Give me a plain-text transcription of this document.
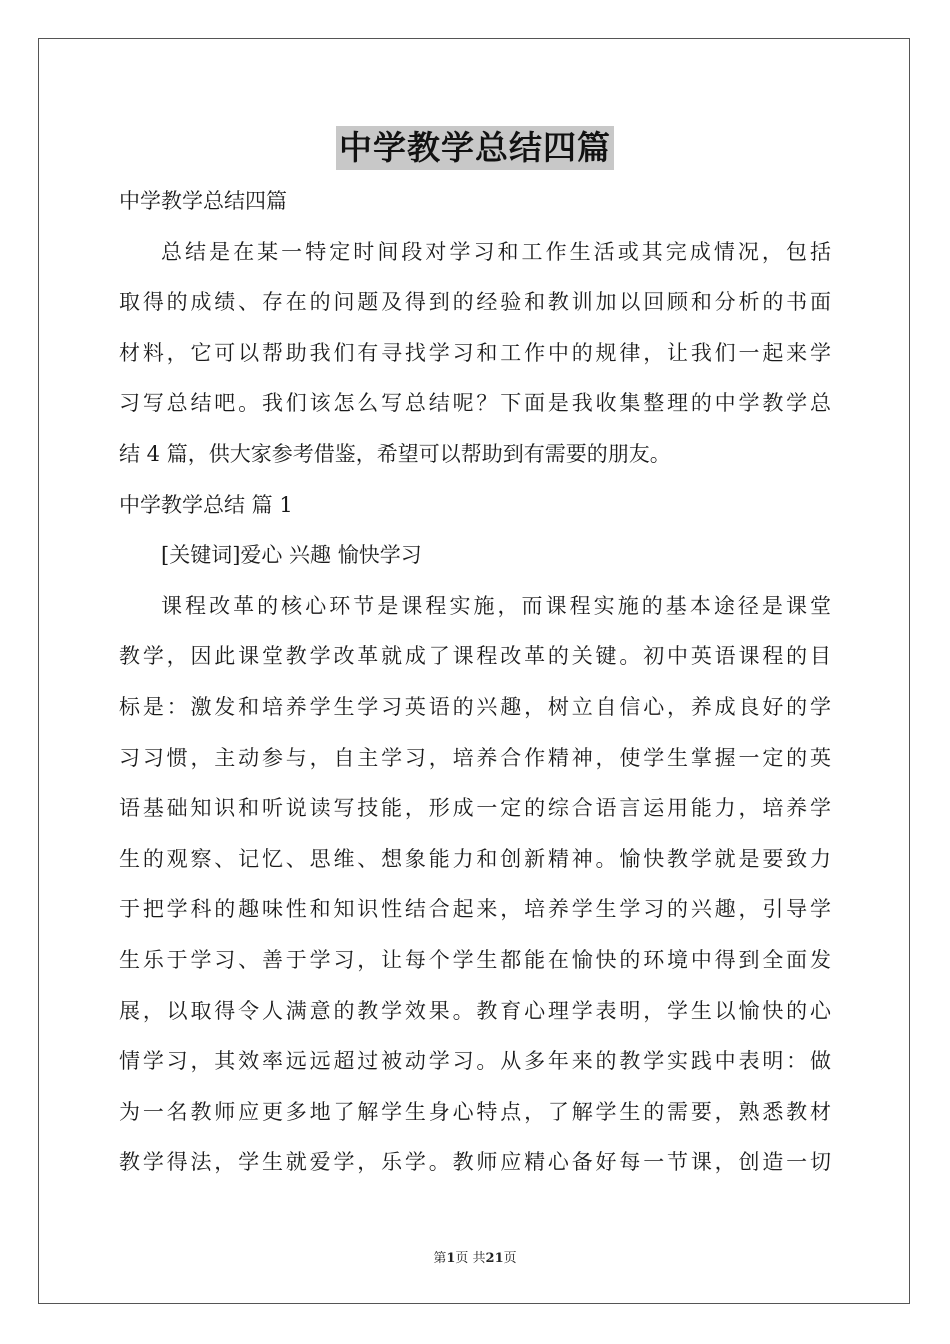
中学教学总结四篇
中学教学总结四篇
总结是在某一特定时间段对学习和工作生活或其完成情况，包括
取得的成绩、存在的问题及得到的经验和教训加以回顾和分析的书面
材料，它可以帮助我们有寻找学习和工作中的规律，让我们一起来学
习写总结吧。我们该怎么写总结呢？下面是我收集整理的中学教学总
结 4 篇，供大家参考借鉴，希望可以帮助到有需要的朋友。
中学教学总结 篇 1
[关键词]爱心 兴趣 愉快学习
课程改革的核心环节是课程实施，而课程实施的基本途径是课堂
教学，因此课堂教学改革就成了课程改革的关键。初中英语课程的目
标是：激发和培养学生学习英语的兴趣，树立自信心，养成良好的学
习习惯，主动参与，自主学习，培养合作精神，使学生掌握一定的英
语基础知识和听说读写技能，形成一定的综合语言运用能力，培养学
生的观察、记忆、思维、想象能力和创新精神。愉快教学就是要致力
于把学科的趣味性和知识性结合起来，培养学生学习的兴趣，引导学
生乐于学习、善于学习，让每个学生都能在愉快的环境中得到全面发
展，以取得令人满意的教学效果。教育心理学表明，学生以愉快的心
情学习，其效率远远超过被动学习。从多年来的教学实践中表明：做
为一名教师应更多地了解学生身心特点，了解学生的需要，熟悉教材
教学得法，学生就爱学，乐学。教师应精心备好每一节课，创造一切
第1页 共21页
